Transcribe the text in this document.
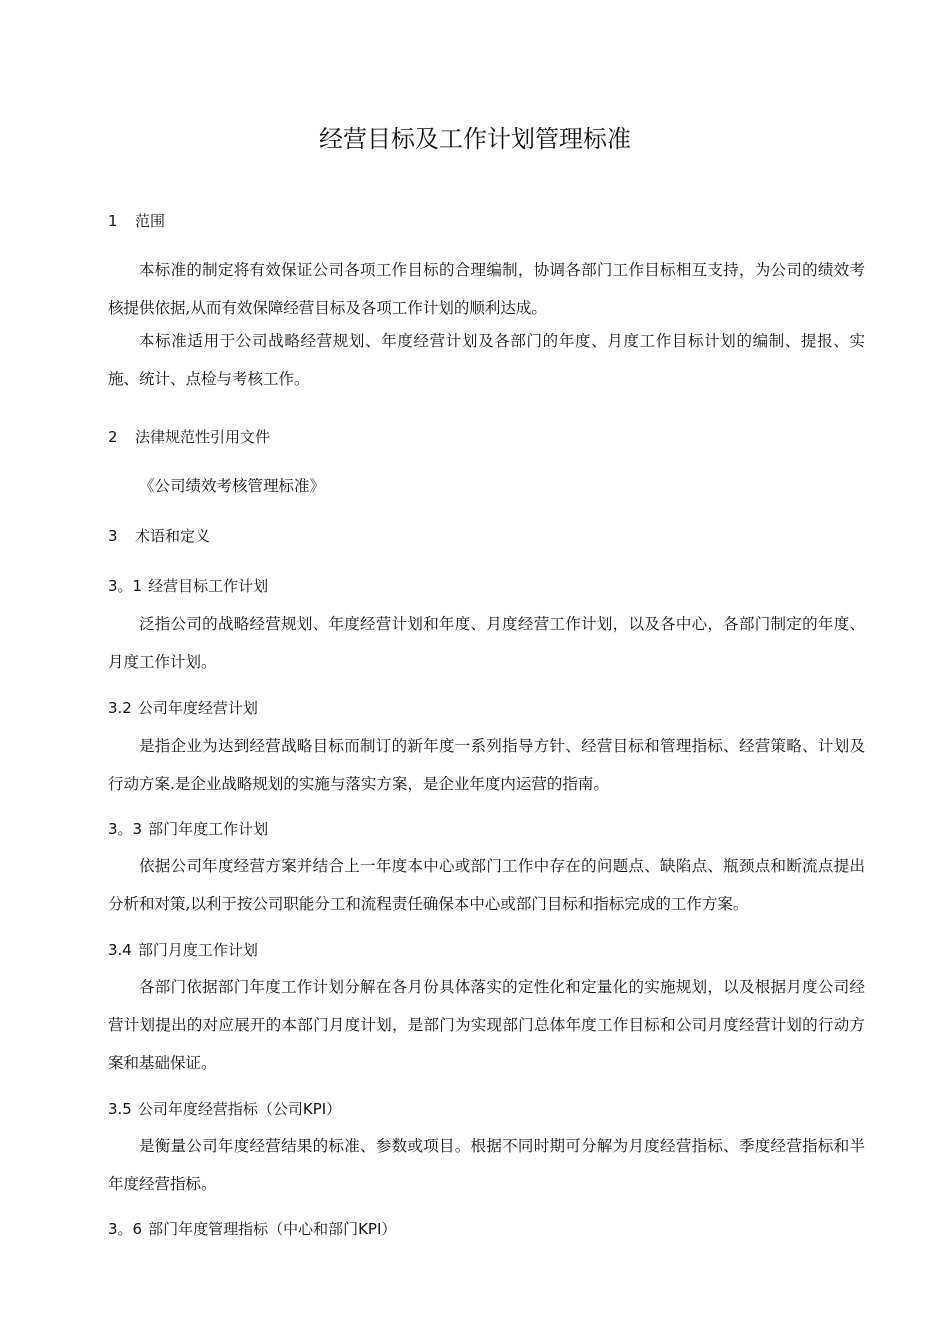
经营目标及工作计划管理标准
1 范围

本标准的制定将有效保证公司各项工作目标的合理编制，协调各部门工作目标相互支持，为公司的绩效考核提供依据,从而有效保障经营目标及各项工作计划的顺利达成。

本标准适用于公司战略经营规划、年度经营计划及各部门的年度、月度工作目标计划的编制、提报、实施、统计、点检与考核工作。

2 法律规范性引用文件

《公司绩效考核管理标准》

3 术语和定义
3。1 经营目标工作计划

泛指公司的战略经营规划、年度经营计划和年度、月度经营工作计划，以及各中心，各部门制定的年度、月度工作计划。

3.2 公司年度经营计划

是指企业为达到经营战略目标而制订的新年度一系列指导方针、经营目标和管理指标、经营策略、计划及行动方案.是企业战略规划的实施与落实方案，是企业年度内运营的指南。

3。3 部门年度工作计划

依据公司年度经营方案并结合上一年度本中心或部门工作中存在的问题点、缺陷点、瓶颈点和断流点提出分析和对策,以利于按公司职能分工和流程责任确保本中心或部门目标和指标完成的工作方案。

3.4 部门月度工作计划

各部门依据部门年度工作计划分解在各月份具体落实的定性化和定量化的实施规划，以及根据月度公司经营计划提出的对应展开的本部门月度计划，是部门为实现部门总体年度工作目标和公司月度经营计划的行动方案和基础保证。

3.5 公司年度经营指标（公司KPI）

是衡量公司年度经营结果的标准、参数或项目。根据不同时期可分解为月度经营指标、季度经营指标和半年度经营指标。

3。6 部门年度管理指标（中心和部门KPI）
